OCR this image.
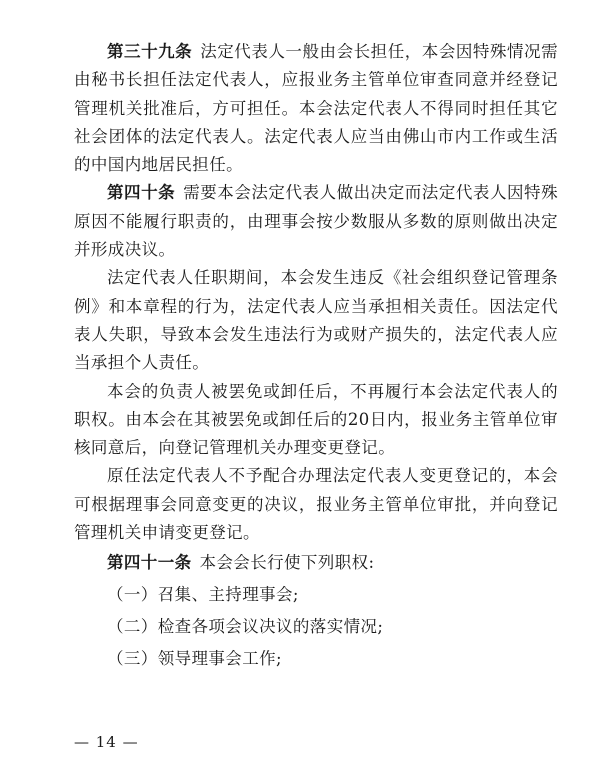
第三十九条 法定代表人一般由会长担任，本会因特殊情况需由秘书长担任法定代表人，应报业务主管单位审查同意并经登记管理机关批准后，方可担任。本会法定代表人不得同时担任其它社会团体的法定代表人。法定代表人应当由佛山市内工作或生活的中国内地居民担任。

第四十条 需要本会法定代表人做出决定而法定代表人因特殊原因不能履行职责的，由理事会按少数服从多数的原则做出决定并形成决议。

法定代表人任职期间，本会发生违反《社会组织登记管理条例》和本章程的行为，法定代表人应当承担相关责任。因法定代表人失职，导致本会发生违法行为或财产损失的，法定代表人应当承担个人责任。

本会的负责人被罢免或卸任后，不再履行本会法定代表人的职权。由本会在其被罢免或卸任后的20日内，报业务主管单位审核同意后，向登记管理机关办理变更登记。

原任法定代表人不予配合办理法定代表人变更登记的，本会可根据理事会同意变更的决议，报业务主管单位审批，并向登记管理机关申请变更登记。

第四十一条 本会会长行使下列职权:

（一）召集、主持理事会;

（二）检查各项会议决议的落实情况;

（三）领导理事会工作;

— 14 —
